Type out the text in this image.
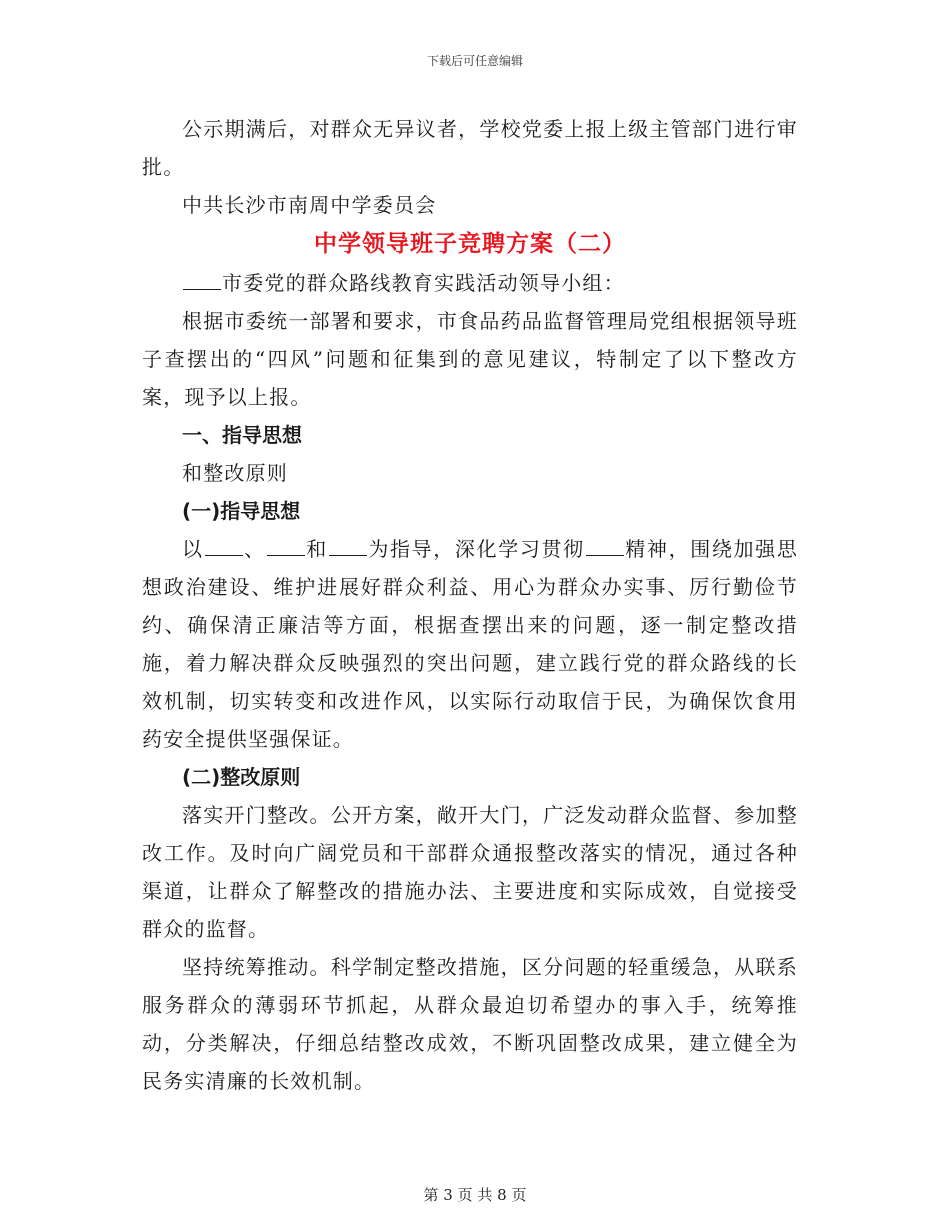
下载后可任意编辑

公示期满后，对群众无异议者，学校党委上报上级主管部门进行审批。

中共长沙市南周中学委员会

中学领导班子竞聘方案（二）

市委党的群众路线教育实践活动领导小组：

根据市委统一部署和要求，市食品药品监督管理局党组根据领导班子查摆出的“四风”问题和征集到的意见建议，特制定了以下整改方案，现予以上报。

一、指导思想

和整改原则

(一)指导思想

以 、 和 为指导，深化学习贯彻 精神，围绕加强思想政治建设、维护进展好群众利益、用心为群众办实事、厉行勤俭节约、确保清正廉洁等方面，根据查摆出来的问题，逐一制定整改措施，着力解决群众反映强烈的突出问题，建立践行党的群众路线的长效机制，切实转变和改进作风，以实际行动取信于民，为确保饮食用药安全提供坚强保证。

(二)整改原则

落实开门整改。公开方案，敞开大门，广泛发动群众监督、参加整改工作。及时向广阔党员和干部群众通报整改落实的情况，通过各种渠道，让群众了解整改的措施办法、主要进度和实际成效，自觉接受群众的监督。

坚持统筹推动。科学制定整改措施，区分问题的轻重缓急，从联系服务群众的薄弱环节抓起，从群众最迫切希望办的事入手，统筹推动，分类解决，仔细总结整改成效，不断巩固整改成果，建立健全为民务实清廉的长效机制。

第 3 页 共 8 页
